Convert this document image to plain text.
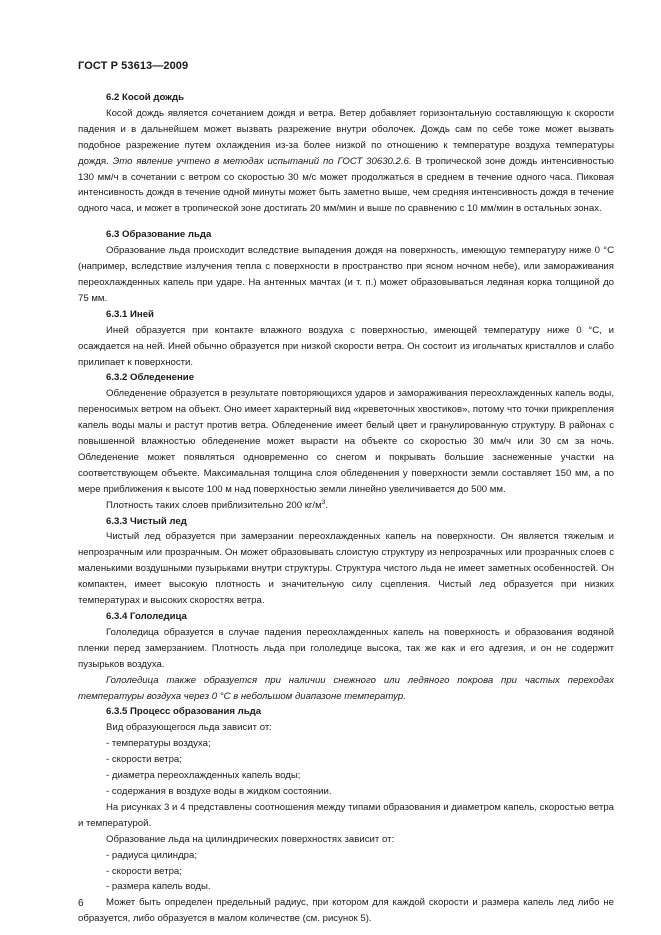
ГОСТ Р 53613—2009

6.2 Косой дождь

Косой дождь является сочетанием дождя и ветра. Ветер добавляет горизонтальную составляющую к скорости падения и в дальнейшем может вызвать разрежение внутри оболочек. Дождь сам по себе тоже может вызвать подобное разрежение путем охлаждения из-за более низкой по отношению к температуре воздуха температуры дождя. Это явление учтено в методах испытаний по ГОСТ 30630.2.6. В тропической зоне дождь интенсивностью 130 мм/ч в сочетании с ветром со скоростью 30 м/с может продолжаться в среднем в течение одного часа. Пиковая интенсивность дождя в течение одной минуты может быть заметно выше, чем средняя интенсивность дождя в течение одного часа, и может в тропической зоне достигать 20 мм/мин и выше по сравнению с 10 мм/мин в остальных зонах.

6.3 Образование льда

Образование льда происходит вследствие выпадения дождя на поверхность, имеющую температуру ниже 0 °С (например, вследствие излучения тепла с поверхности в пространство при ясном ночном небе), или замораживания переохлажденных капель при ударе. На антенных мачтах (и т. п.) может образовываться ледяная корка толщиной до 75 мм.

6.3.1 Иней

Иней образуется при контакте влажного воздуха с поверхностью, имеющей температуру ниже 0 °С, и осаждается на ней. Иней обычно образуется при низкой скорости ветра. Он состоит из игольчатых кристаллов и слабо прилипает к поверхности.

6.3.2 Обледенение

Обледенение образуется в результате повторяющихся ударов и замораживания переохлажденных капель воды, переносимых ветром на объект. Оно имеет характерный вид «креветочных хвостиков», потому что точки прикрепления капель воды малы и растут против ветра. Обледенение имеет белый цвет и гранулированную структуру. В районах с повышенной влажностью обледенение может вырасти на объекте со скоростью 30 мм/ч или 30 см за ночь. Обледенение может появляться одновременно со снегом и покрывать большие заснеженные участки на соответствующем объекте. Максимальная толщина слоя обледенения у поверхности земли составляет 150 мм, а по мере приближения к высоте 100 м над поверхностью земли линейно увеличивается до 500 мм.

Плотность таких слоев приблизительно 200 $кг/м^3$.

6.3.3 Чистый лед

Чистый лед образуется при замерзании переохлажденных капель на поверхности. Он является тяжелым и непрозрачным или прозрачным. Он может образовывать слоистую структуру из непрозрачных или прозрачных слоев с маленькими воздушными пузырьками внутри структуры. Структура чистого льда не имеет заметных особенностей. Он компактен, имеет высокую плотность и значительную силу сцепления. Чистый лед образуется при низких температурах и высоких скоростях ветра.

6.3.4 Гололедица

Гололедица образуется в случае падения переохлажденных капель на поверхность и образования водяной пленки перед замерзанием. Плотность льда при гололедице высока, так же как и его адгезия, и он не содержит пузырьков воздуха.

Гололедица также образуется при наличии снежного или ледяного покрова при частых переходах температуры воздуха через 0 °С в небольшом диапазоне температур.

6.3.5 Процесс образования льда

Вид образующегося льда зависит от:

- температуры воздуха;

- скорости ветра;

- диаметра переохлажденных капель воды;

- содержания в воздухе воды в жидком состоянии.

На рисунках 3 и 4 представлены соотношения между типами образования и диаметром капель, скоростью ветра и температурой.

Образование льда на цилиндрических поверхностях зависит от:

- радиуса цилиндра;

- скорости ветра;

- размера капель воды.

Может быть определен предельный радиус, при котором для каждой скорости и размера капель лед либо не образуется, либо образуется в малом количестве (см. рисунок 5).

6
